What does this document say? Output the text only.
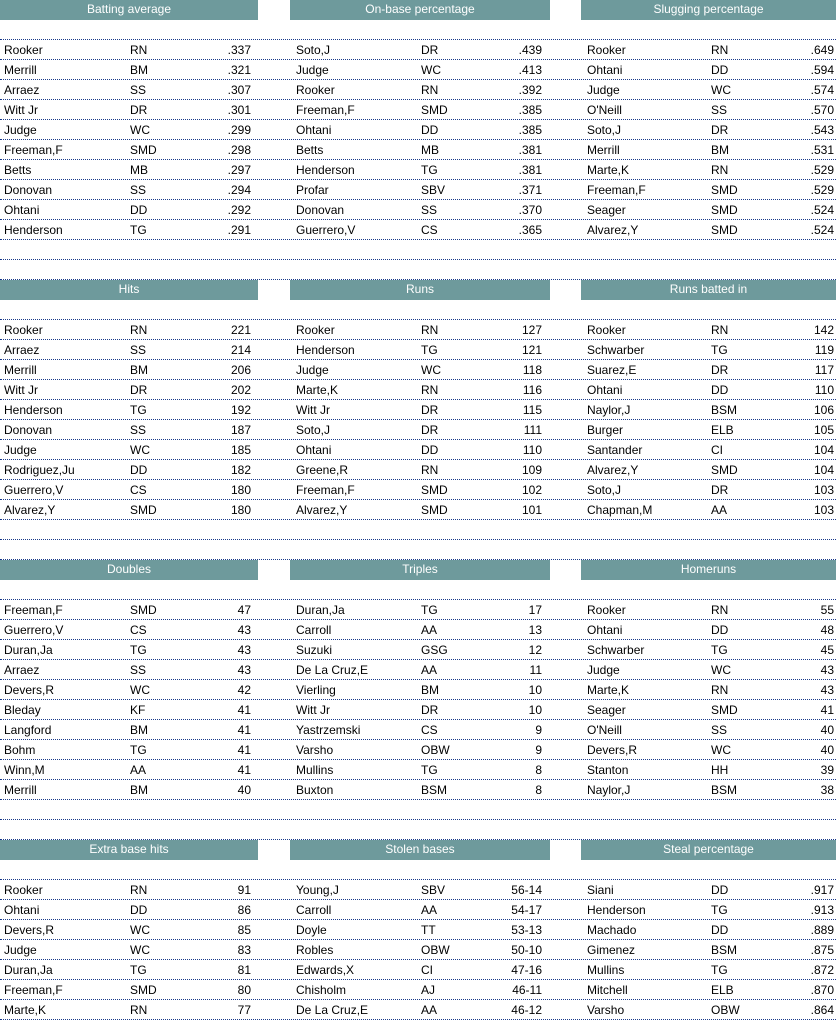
Batting average	On-base percentage	Slugging percentage
Rooker	RN	.337	Soto,J	DR	.439	Rooker	RN	.649
Merrill	BM	.321	Judge	WC	.413	Ohtani	DD	.594
Arraez	SS	.307	Rooker	RN	.392	Judge	WC	.574
Witt Jr	DR	.301	Freeman,F	SMD	.385	O'Neill	SS	.570
Judge	WC	.299	Ohtani	DD	.385	Soto,J	DR	.543
Freeman,F	SMD	.298	Betts	MB	.381	Merrill	BM	.531
Betts	MB	.297	Henderson	TG	.381	Marte,K	RN	.529
Donovan	SS	.294	Profar	SBV	.371	Freeman,F	SMD	.529
Ohtani	DD	.292	Donovan	SS	.370	Seager	SMD	.524
Henderson	TG	.291	Guerrero,V	CS	.365	Alvarez,Y	SMD	.524
Hits	Runs	Runs batted in
Rooker	RN	221	Rooker	RN	127	Rooker	RN	142
Arraez	SS	214	Henderson	TG	121	Schwarber	TG	119
Merrill	BM	206	Judge	WC	118	Suarez,E	DR	117
Witt Jr	DR	202	Marte,K	RN	116	Ohtani	DD	110
Henderson	TG	192	Witt Jr	DR	115	Naylor,J	BSM	106
Donovan	SS	187	Soto,J	DR	111	Burger	ELB	105
Judge	WC	185	Ohtani	DD	110	Santander	CI	104
Rodriguez,Ju	DD	182	Greene,R	RN	109	Alvarez,Y	SMD	104
Guerrero,V	CS	180	Freeman,F	SMD	102	Soto,J	DR	103
Alvarez,Y	SMD	180	Alvarez,Y	SMD	101	Chapman,M	AA	103
Doubles	Triples	Homeruns
Freeman,F	SMD	47	Duran,Ja	TG	17	Rooker	RN	55
Guerrero,V	CS	43	Carroll	AA	13	Ohtani	DD	48
Duran,Ja	TG	43	Suzuki	GSG	12	Schwarber	TG	45
Arraez	SS	43	De La Cruz,E	AA	11	Judge	WC	43
Devers,R	WC	42	Vierling	BM	10	Marte,K	RN	43
Bleday	KF	41	Witt Jr	DR	10	Seager	SMD	41
Langford	BM	41	Yastrzemski	CS	9	O'Neill	SS	40
Bohm	TG	41	Varsho	OBW	9	Devers,R	WC	40
Winn,M	AA	41	Mullins	TG	8	Stanton	HH	39
Merrill	BM	40	Buxton	BSM	8	Naylor,J	BSM	38
Extra base hits	Stolen bases	Steal percentage
Rooker	RN	91	Young,J	SBV	56-14	Siani	DD	.917
Ohtani	DD	86	Carroll	AA	54-17	Henderson	TG	.913
Devers,R	WC	85	Doyle	TT	53-13	Machado	DD	.889
Judge	WC	83	Robles	OBW	50-10	Gimenez	BSM	.875
Duran,Ja	TG	81	Edwards,X	CI	47-16	Mullins	TG	.872
Freeman,F	SMD	80	Chisholm	AJ	46-11	Mitchell	ELB	.870
Marte,K	RN	77	De La Cruz,E	AA	46-12	Varsho	OBW	.864
